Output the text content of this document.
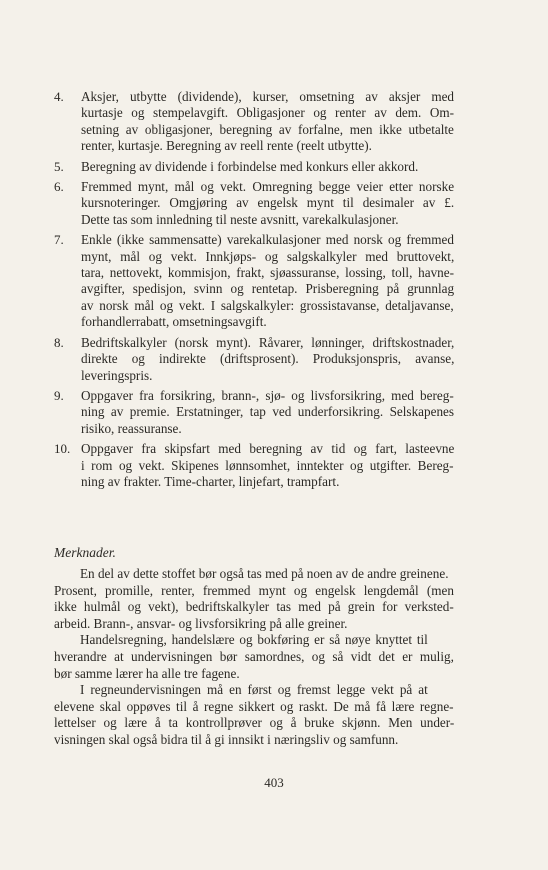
4.	Aksjer, utbytte (dividende), kurser, omsetning av aksjer med
kurtasje og stempelavgift. Obligasjoner og renter av dem. Om-
setning av obligasjoner, beregning av forfalne, men ikke utbetalte
renter, kurtasje. Beregning av reell rente (reelt utbytte).
5.	Beregning av dividende i forbindelse med konkurs eller akkord.
6.	Fremmed mynt, mål og vekt. Omregning begge veier etter norske
kursnoteringer. Omgjøring av engelsk mynt til desimaler av £.
Dette tas som innledning til neste avsnitt, varekalkulasjoner.
7.	Enkle (ikke sammensatte) varekalkulasjoner med norsk og fremmed
mynt, mål og vekt. Innkjøps- og salgskalkyler med bruttovekt,
tara, nettovekt, kommisjon, frakt, sjøassuranse, lossing, toll, havne-
avgifter, spedisjon, svinn og rentetap. Prisberegning på grunnlag
av norsk mål og vekt. I salgskalkyler: grossistavanse, detaljavanse,
forhandlerrabatt, omsetningsavgift.
8.	Bedriftskalkyler (norsk mynt). Råvarer, lønninger, driftskostnader,
direkte og indirekte (driftsprosent). Produksjonspris, avanse,
leveringspris.
9.	Oppgaver fra forsikring, brann-, sjø- og livsforsikring, med bereg-
ning av premie. Erstatninger, tap ved underforsikring. Selskapenes
risiko, reassuranse.
10. Oppgaver fra skipsfart med beregning av tid og fart, lasteevne
i rom og vekt. Skipenes lønnsomhet, inntekter og utgifter. Bereg-
ning av frakter. Time-charter, linjefart, trampfart.
Merknader.

En del av dette stoffet bør også tas med på noen av de andre greinene.
Prosent, promille, renter, fremmed mynt og engelsk lengdemål (men
ikke hulmål og vekt), bedriftskalkyler tas med på grein for verksted-
arbeid. Brann-, ansvar- og livsforsikring på alle greiner.

Handelsregning, handelslære og bokføring er så nøye knyttet til
hverandre at undervisningen bør samordnes, og så vidt det er mulig,
bør samme lærer ha alle tre fagene.

I regneundervisningen må en først og fremst legge vekt på at
elevene skal oppøves til å regne sikkert og raskt. De må få lære regne-
lettelser og lære å ta kontrollprøver og å bruke skjønn. Men under-
visningen skal også bidra til å gi innsikt i næringsliv og samfunn.

403
